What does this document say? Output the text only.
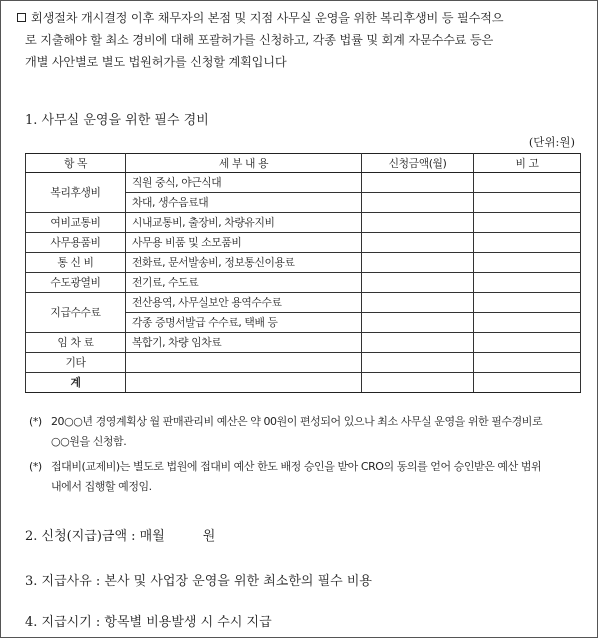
회생절차 개시결정 이후 채무자의 본점 및 지점 사무실 운영을 위한 복리후생비 등 필수적으
로 지출해야 할 최소 경비에 대해 포괄허가를 신청하고, 각종 법률 및 회계 자문수수료 등은
개별 사안별로 별도 법원허가를 신청할 계획입니다
1. 사무실 운영을 위한 필수 경비
(단위:원)
항 목	세 부 내 용	신청금액(월)	비 고
복리후생비	직원 중식, 야근식대		
	차대, 생수음료대		
여비교통비	시내교통비, 출장비, 차량유지비		
사무용품비	사무용 비품 및 소모품비		
통 신 비	전화료, 문서발송비, 정보통신이용료		
수도광열비	전기료, 수도료		
지급수수료	전산용역, 사무실보안 용역수수료		
	각종 증명서발급 수수료, 택배 등		
임 차 료	복합기, 차량 임차료		
기타			
계			
(*) 20○○년 경영계획상 월 판매관리비 예산은 약 00원이 편성되어 있으나 최소 사무실 운영을 위한 필수경비로
○○원을 신청함.
(*) 접대비(교제비)는 별도로 법원에 접대비 예산 한도 배정 승인을 받아 CRO의 동의를 얻어 승인받은 예산 범위
내에서 집행할 예정임.
2. 신청(지급)금액 : 매월	원
3. 지급사유 : 본사 및 사업장 운영을 위한 최소한의 필수 비용
4. 지급시기 : 항목별 비용발생 시 수시 지급
